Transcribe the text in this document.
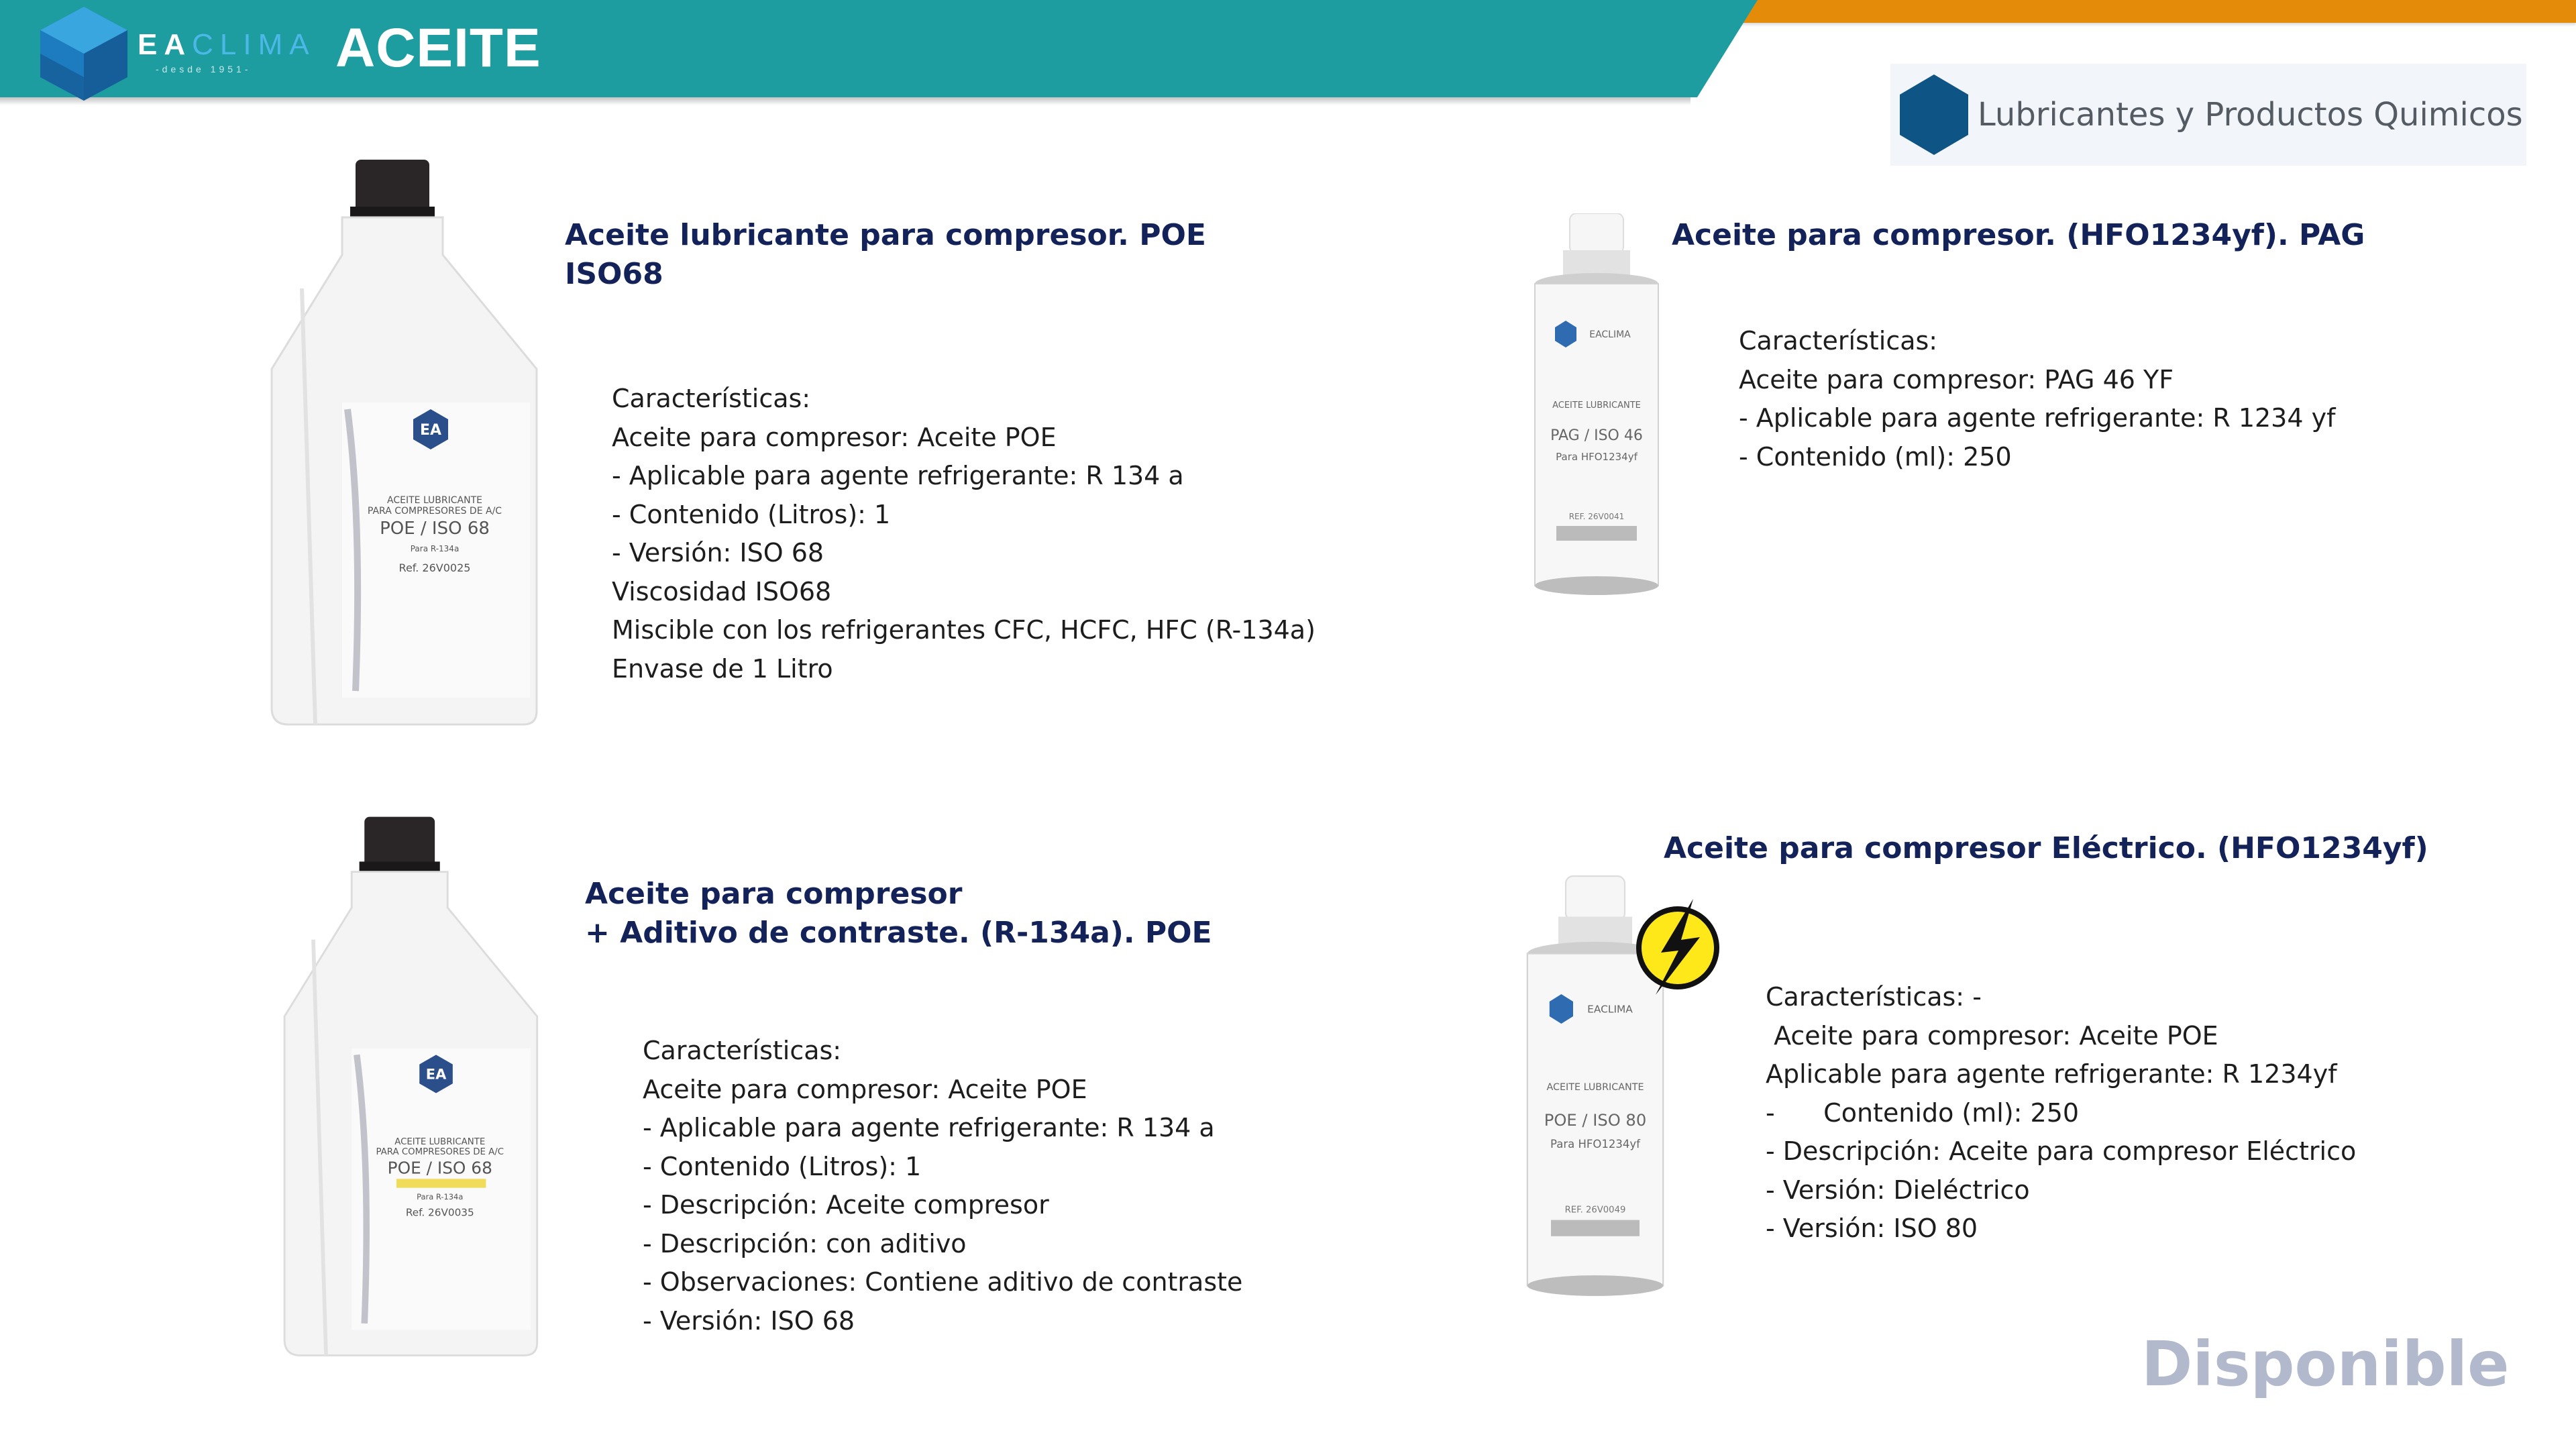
EACLIMA
-desde 1951- ACEITE
Lubricantes y Productos Quimicos
EA
ACEITE LUBRICANTE
PARA COMPRESORES DE A/C
POE / ISO 68
Para R-134a
Ref. 26V0025
Aceite lubricante para compresor. POE
ISO68
Características:
Aceite para compresor: Aceite POE
- Aplicable para agente refrigerante: R 134 a
- Contenido (Litros): 1
- Versión: ISO 68
Viscosidad ISO68
Miscible con los refrigerantes CFC, HCFC, HFC (R-134a)
Envase de 1 Litro
EACLIMA
ACEITE LUBRICANTE
PAG / ISO 46
Para HFO1234yf
REF. 26V0041
Aceite para compresor. (HFO1234yf). PAG
Características:
Aceite para compresor: PAG 46 YF
- Aplicable para agente refrigerante: R 1234 yf
- Contenido (ml): 250
EA
ACEITE LUBRICANTE
PARA COMPRESORES DE A/C
POE / ISO 68
Para R-134a
Ref. 26V0035
Aceite para compresor
+ Aditivo de contraste. (R-134a). POE
Características:
Aceite para compresor: Aceite POE
- Aplicable para agente refrigerante: R 134 a
- Contenido (Litros): 1
- Descripción: Aceite compresor
- Descripción: con aditivo
- Observaciones: Contiene aditivo de contraste
- Versión: ISO 68
EACLIMA
ACEITE LUBRICANTE
POE / ISO 80
Para HFO1234yf
REF. 26V0049
Aceite para compresor Eléctrico. (HFO1234yf)
Características: -
Aceite para compresor: Aceite POE
Aplicable para agente refrigerante: R 1234yf
-      Contenido (ml): 250
- Descripción: Aceite para compresor Eléctrico
- Versión: Dieléctrico
- Versión: ISO 80
Disponible
